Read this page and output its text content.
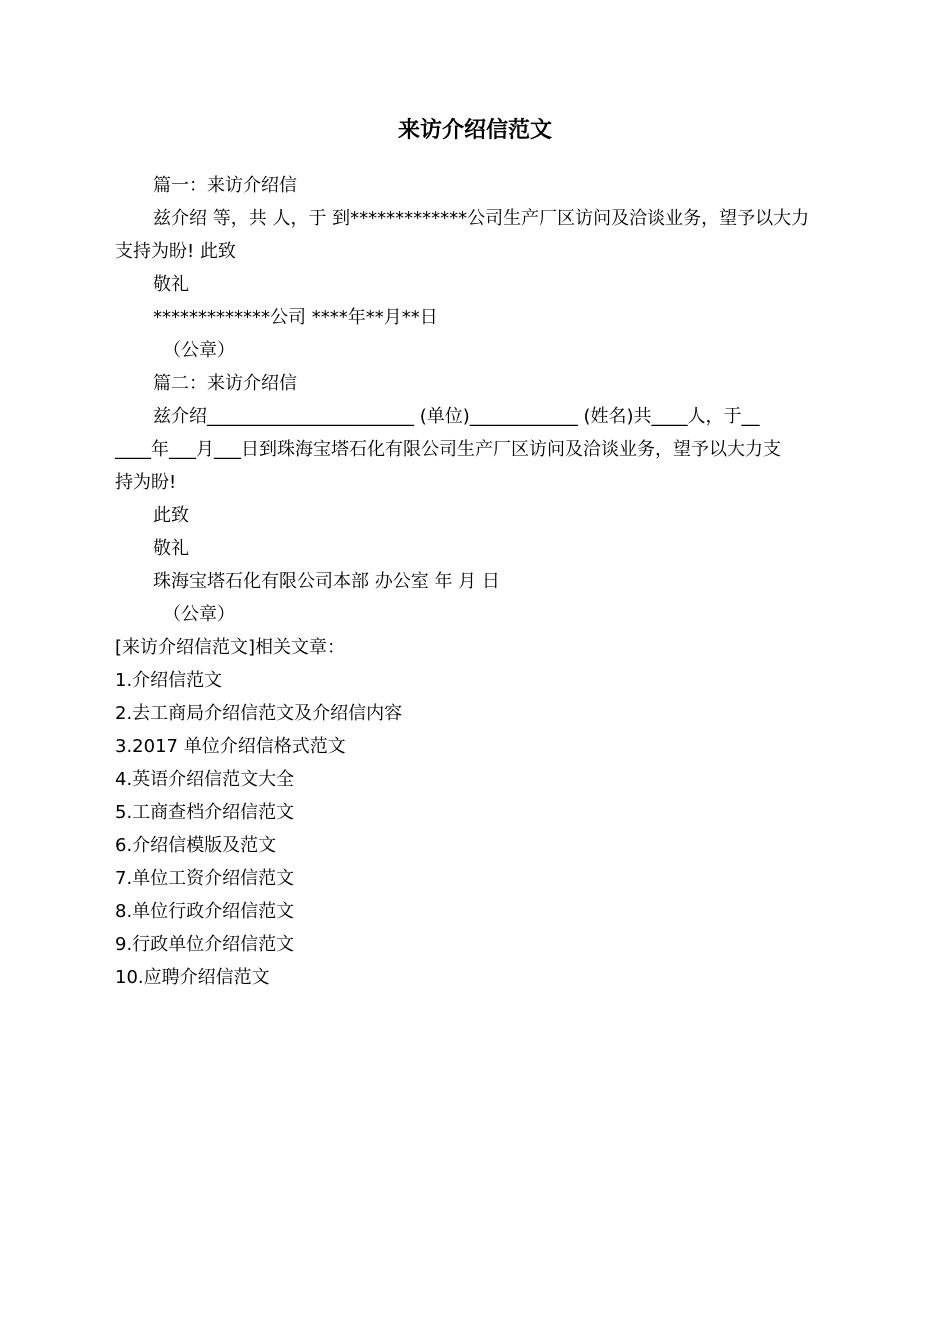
来访介绍信范文
篇一：来访介绍信
兹介绍 等，共 人，于 到*************公司生产厂区访问及洽谈业务，望予以大力
支持为盼! 此致
敬礼
*************公司 ****年**月**日
（公章）
篇二：来访介绍信
兹介绍_______________________ (单位)____________ (姓名)共____人，于__
____年___月___日到珠海宝塔石化有限公司生产厂区访问及洽谈业务，望予以大力支
持为盼!
此致
敬礼
珠海宝塔石化有限公司本部 办公室 年 月 日
（公章）
[来访介绍信范文]相关文章：
1.介绍信范文
2.去工商局介绍信范文及介绍信内容
3.2017 单位介绍信格式范文
4.英语介绍信范文大全
5.工商查档介绍信范文
6.介绍信模版及范文
7.单位工资介绍信范文
8.单位行政介绍信范文
9.行政单位介绍信范文
10.应聘介绍信范文
